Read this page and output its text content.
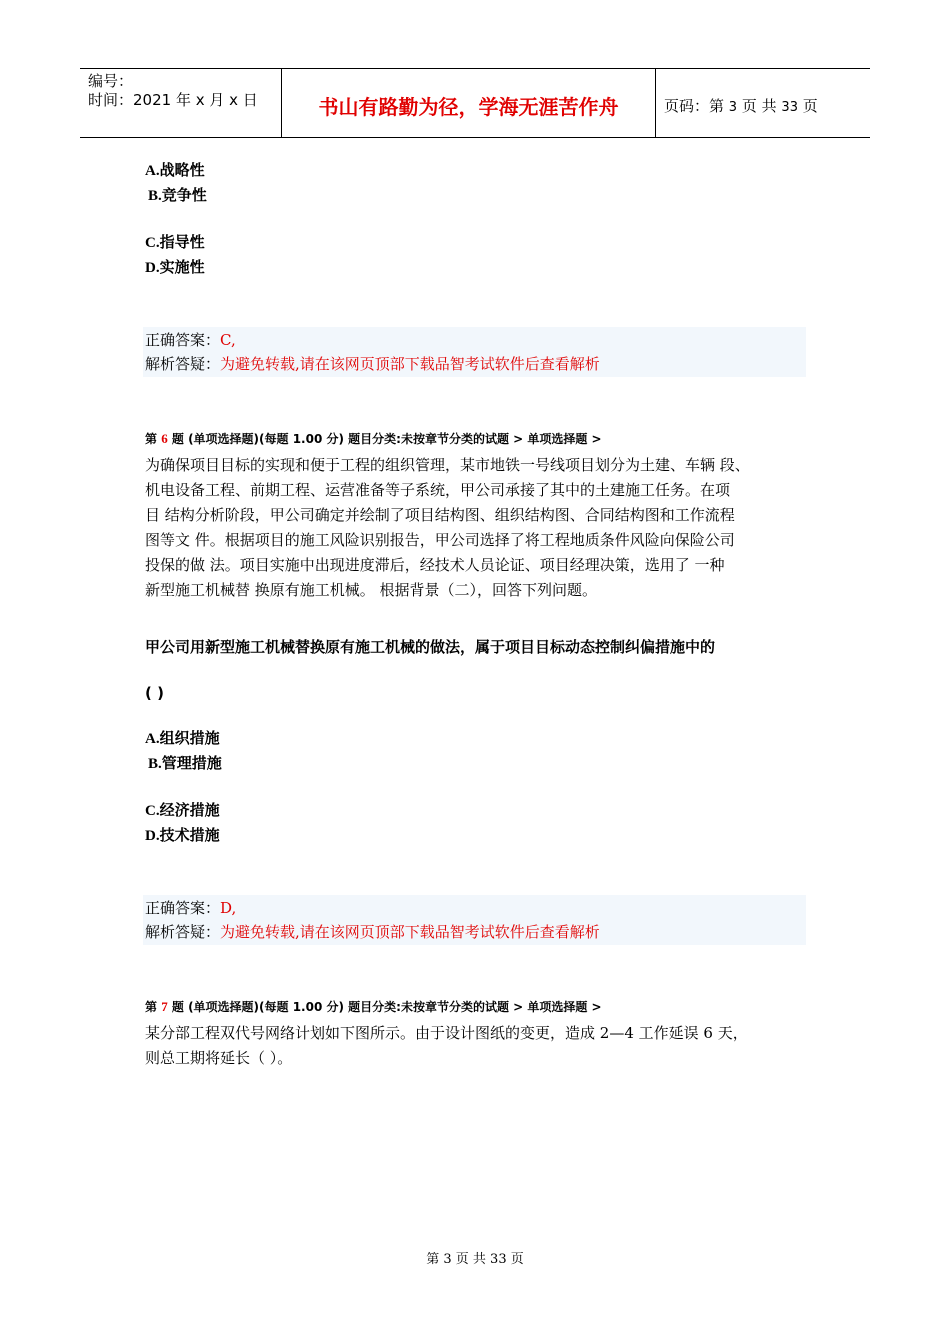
编号：
时间：2021 年 x 月 x 日	书山有路勤为径，学海无涯苦作舟	页码：第 3 页 共 33 页
A.战略性
B.竞争性
C.指导性
D.实施性
正确答案：C,
解析答疑：为避免转载,请在该网页顶部下载品智考试软件后查看解析
第 6 题 (单项选择题)(每题 1.00 分) 题目分类:未按章节分类的试题 > 单项选择题 >
为确保项目目标的实现和便于工程的组织管理，某市地铁一号线项目划分为土建、车辆 段、
机电设备工程、前期工程、运营准备等子系统，甲公司承接了其中的土建施工任务。在项
目 结构分析阶段，甲公司确定并绘制了项目结构图、组织结构图、合同结构图和工作流程
图等文 件。根据项目的施工风险识别报告，甲公司选择了将工程地质条件风险向保险公司
投保的做 法。项目实施中出现进度滞后，经技术人员论证、项目经理决策，选用了 一种
新型施工机械替 换原有施工机械。 根据背景（二），回答下列问题。
甲公司用新型施工机械替换原有施工机械的做法，属于项目目标动态控制纠偏措施中的
( )
A.组织措施
B.管理措施
C.经济措施
D.技术措施
正确答案：D,
解析答疑：为避免转载,请在该网页顶部下载品智考试软件后查看解析
第 7 题 (单项选择题)(每题 1.00 分) 题目分类:未按章节分类的试题 > 单项选择题 >
某分部工程双代号网络计划如下图所示。由于设计图纸的变更，造成 2—4 工作延误 6 天，
则总工期将延长（ ）。
第 3 页 共 33 页
